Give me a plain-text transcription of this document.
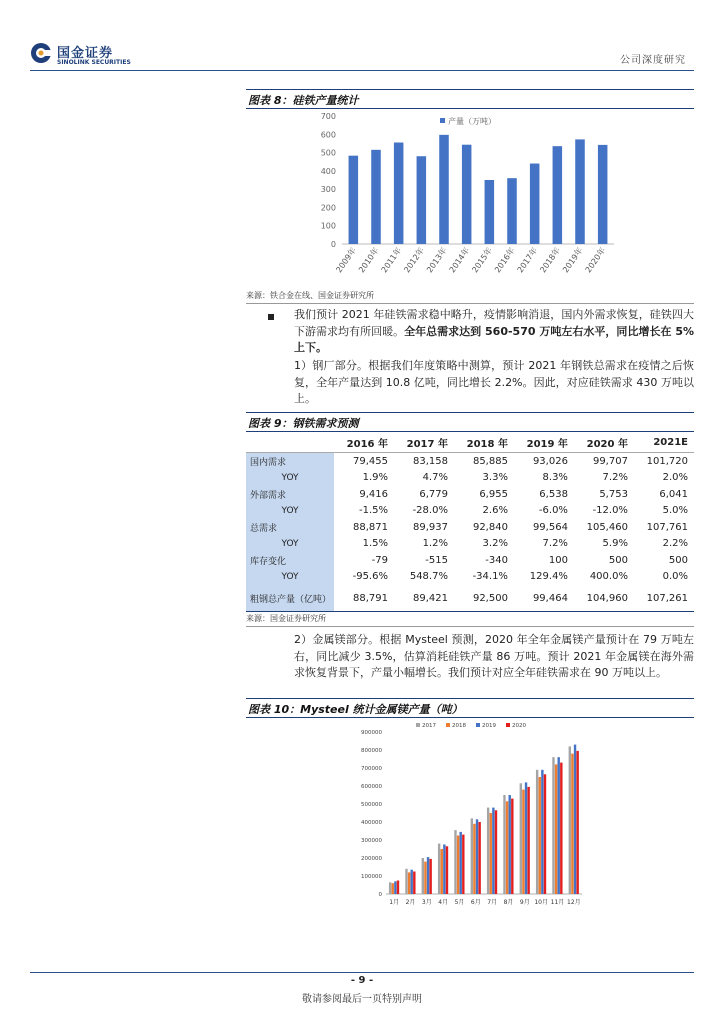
国金证券
SINOLINK SECURITIES	公司深度研究
图表 8：硅铁产量统计
0
100
200
300
400
500
600
700
2009年 2010年 2011年 2012年 2013年 2014年 2015年 2016年 2017年 2018年 2019年 2020年
产量（万吨）
来源：铁合金在线、国金证券研究所
我们预计 2021 年硅铁需求稳中略升，疫情影响消退，国内外需求恢复，硅铁四大下游需求均有所回暖。全年总需求达到 560-570 万吨左右水平，同比增长在 5%上下。
1）钢厂部分。根据我们年度策略中测算，预计 2021 年钢铁总需求在疫情之后恢复，全年产量达到 10.8 亿吨，同比增长 2.2%。因此，对应硅铁需求 430 万吨以上。
图表 9：钢铁需求预测
	2016 年	2017 年	2018 年	2019 年	2020 年	2021E
国内需求	79,455	83,158	85,885	93,026	99,707	101,720
YOY	1.9%	4.7%	3.3%	8.3%	7.2%	2.0%
外部需求	9,416	6,779	6,955	6,538	5,753	6,041
YOY	-1.5%	-28.0%	2.6%	-6.0%	-12.0%	5.0%
总需求	88,871	89,937	92,840	99,564	105,460	107,761
YOY	1.5%	1.2%	3.2%	7.2%	5.9%	2.2%
库存变化	-79	-515	-340	100	500	500
YOY	-95.6%	548.7%	-34.1%	129.4%	400.0%	0.0%
粗钢总产量（亿吨）	88,791	89,421	92,500	99,464	104,960	107,261
来源：国金证券研究所
2）金属镁部分。根据 Mysteel 预测，2020 年全年金属镁产量预计在 79 万吨左右，同比减少 3.5%，估算消耗硅铁产量 86 万吨。预计 2021 年金属镁在海外需求恢复背景下，产量小幅增长。我们预计对应全年硅铁需求在 90 万吨以上。
图表 10：Mysteel 统计金属镁产量（吨）
0
100000
200000
300000
400000
500000
600000
700000
800000
900000
1月 2月 3月 4月 5月 6月 7月 8月 9月 10月 11月 12月
2017	2018	2019	2020
- 9 -
敬请参阅最后一页特别声明
